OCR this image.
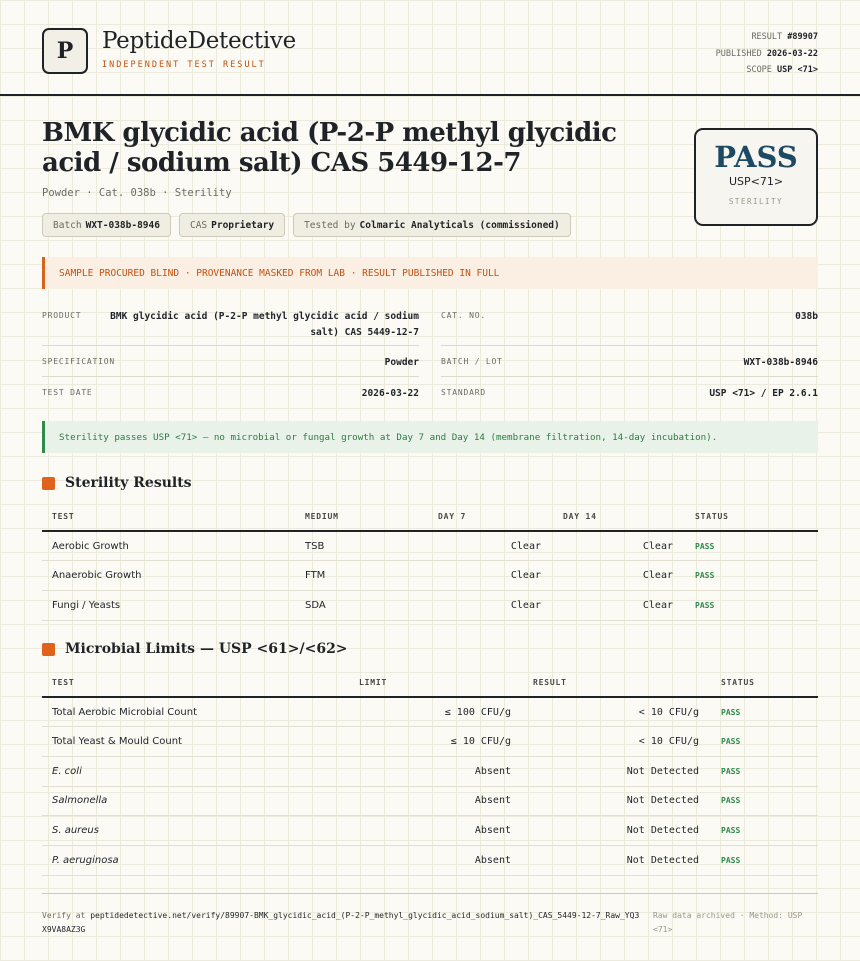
P	PeptideDetective
INDEPENDENT TEST RESULT
RESULT #89907
PUBLISHED 2026-03-22
SCOPE USP <71>
BMK glycidic acid (P-2-P methyl glycidic acid / sodium salt) CAS 5449-12-7
Powder · Cat. 038b · Sterility
Batch WXT-038b-8946	CAS Proprietary	Tested by Colmaric Analyticals (commissioned)
PASS
USP<71>
STERILITY
SAMPLE PROCURED BLIND · PROVENANCE MASKED FROM LAB · RESULT PUBLISHED IN FULL
PRODUCT	BMK glycidic acid (P-2-P methyl glycidic acid / sodium salt) CAS 5449-12-7
CAT. NO.	038b
SPECIFICATION	Powder	BATCH / LOT	WXT-038b-8946
TEST DATE	2026-03-22	STANDARD	USP <71> / EP 2.6.1
Sterility passes USP <71> — no microbial or fungal growth at Day 7 and Day 14 (membrane filtration, 14-day incubation).
Sterility Results
TEST	MEDIUM	DAY 7	DAY 14	STATUS
Aerobic Growth	TSB	Clear	Clear	PASS
Anaerobic Growth	FTM	Clear	Clear	PASS
Fungi / Yeasts	SDA	Clear	Clear	PASS
Microbial Limits — USP <61>/<62>
TEST	LIMIT	RESULT	STATUS
Total Aerobic Microbial Count	≤ 100 CFU/g	< 10 CFU/g	PASS
Total Yeast & Mould Count	≤ 10 CFU/g	< 10 CFU/g	PASS
E. coli	Absent	Not Detected	PASS
Salmonella	Absent	Not Detected	PASS
S. aureus	Absent	Not Detected	PASS
P. aeruginosa	Absent	Not Detected	PASS
Verify at peptidedetective.net/verify/89907-BMK_glycidic_acid_(P-2-P_methyl_glycidic_acid_sodium_salt)_CAS_5449-12-7_Raw_YQ3X9VA8AZ3G
Raw data archived · Method: USP <71>
